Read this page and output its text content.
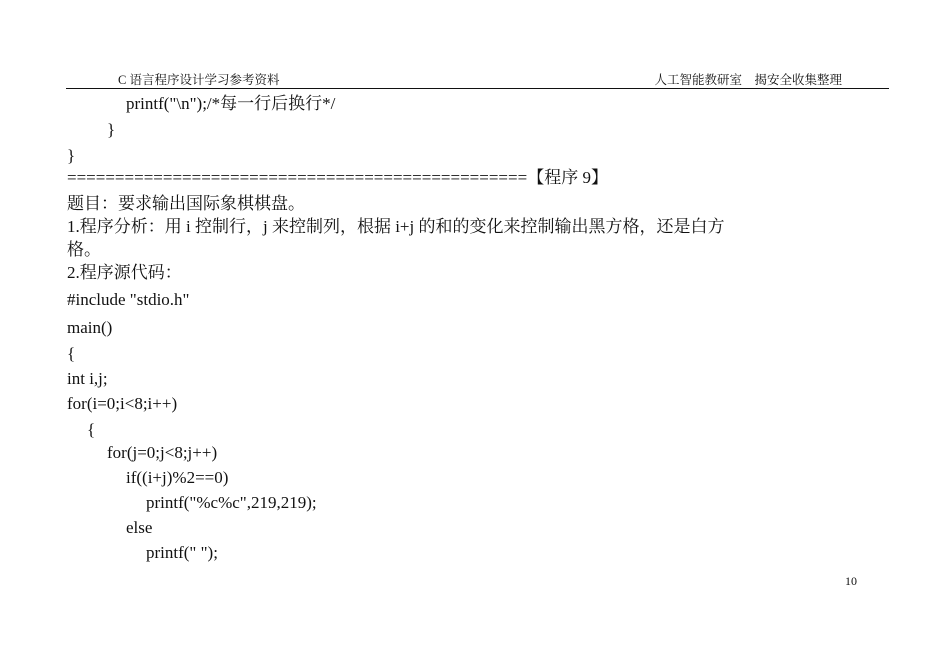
C 语言程序设计学习参考资料	人工智能教研室　揭安全收集整理
printf("\n");/*每一行后换行*/
}
}
================================================【程序 9】
题目：要求输出国际象棋棋盘。
1.程序分析：用 i 控制行，j 来控制列，根据 i+j 的和的变化来控制输出黑方格，还是白方
格。
2.程序源代码：
#include "stdio.h"
main()
{
int i,j;
for(i=0;i<8;i++)
{
for(j=0;j<8;j++)
if((i+j)%2==0)
printf("%c%c",219,219);
else
printf(" ");
10
